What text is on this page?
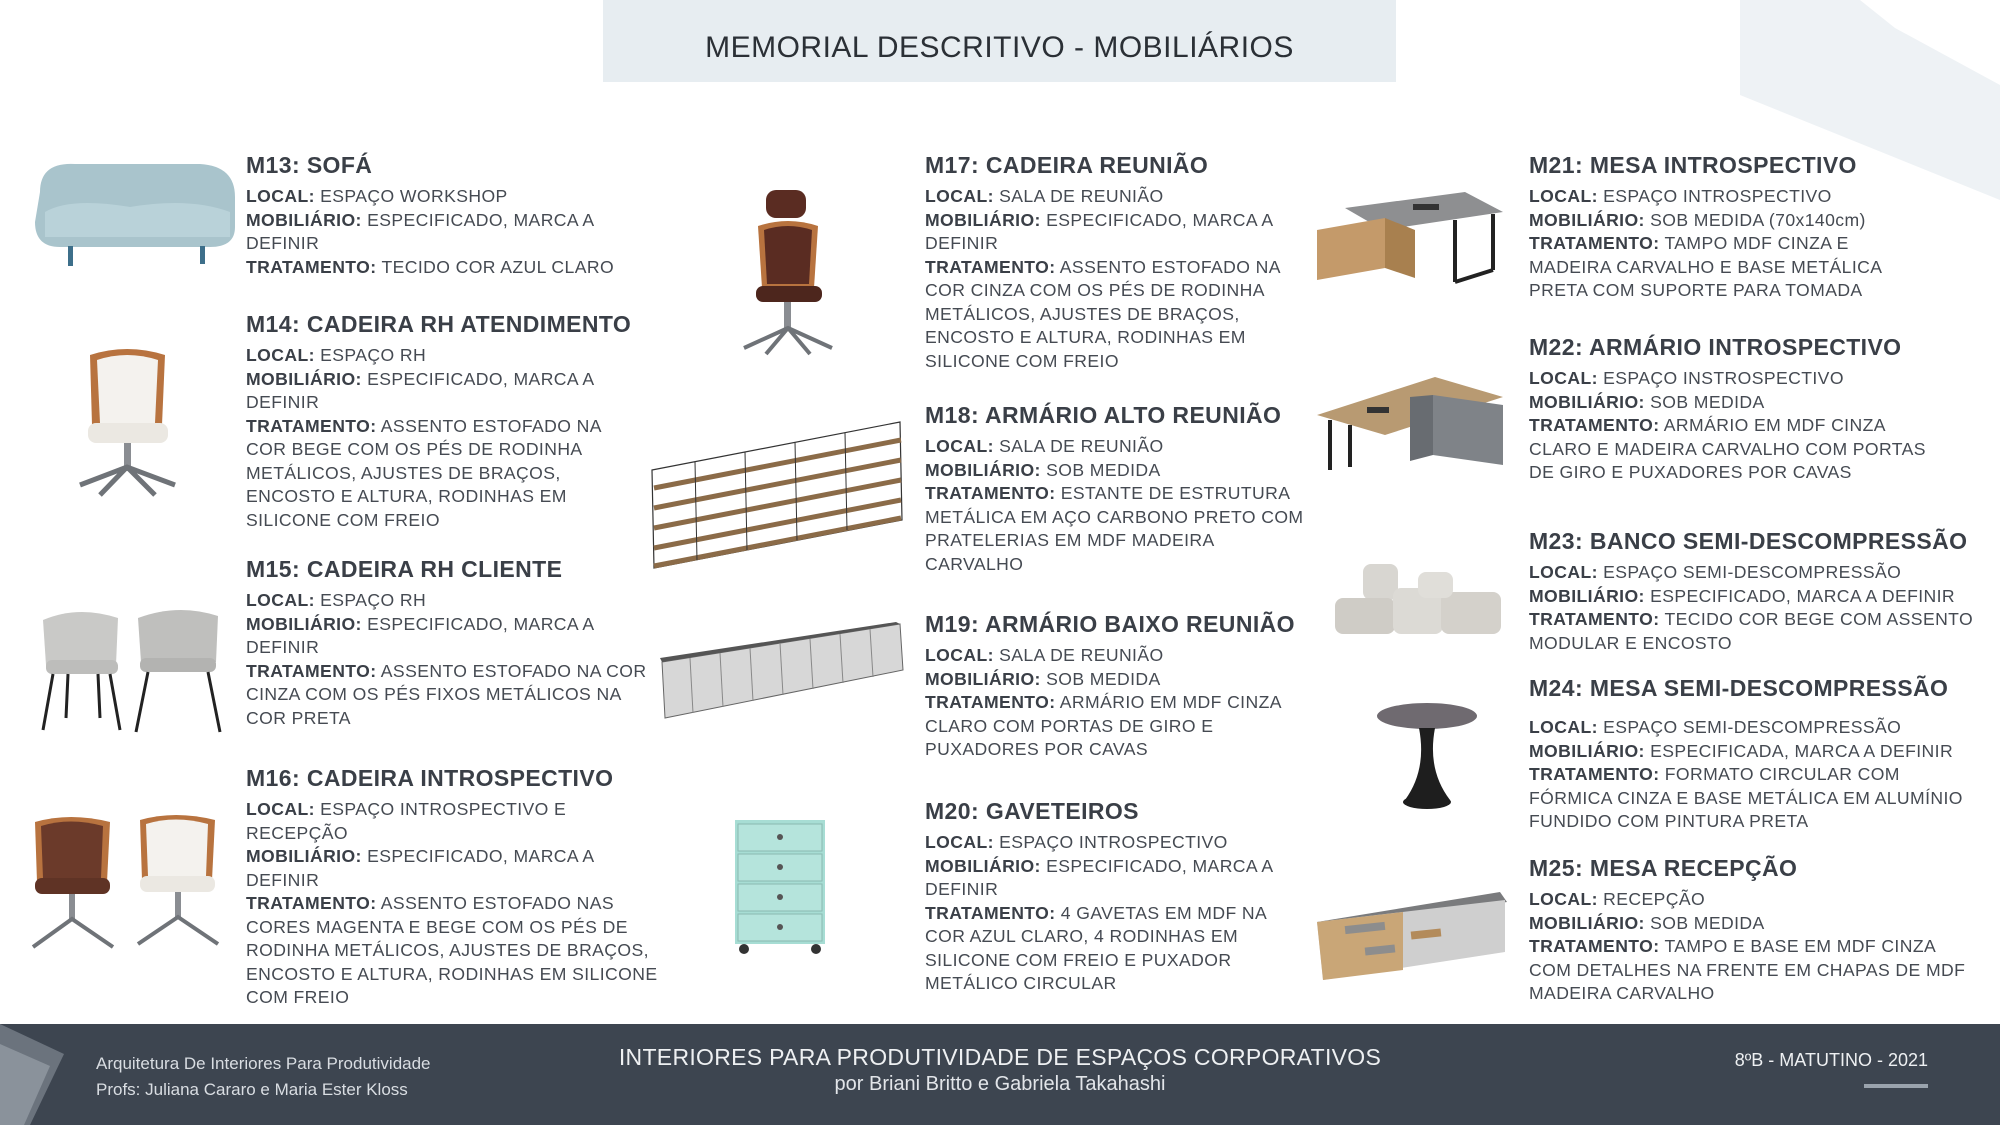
MEMORIAL DESCRITIVO - MOBILIÁRIOS
M13: SOFÁ

LOCAL: ESPAÇO WORKSHOP

MOBILIÁRIO: ESPECIFICADO, MARCA A DEFINIR

TRATAMENTO: TECIDO COR AZUL CLARO

M14: CADEIRA RH ATENDIMENTO

LOCAL: ESPAÇO RH

MOBILIÁRIO: ESPECIFICADO, MARCA A DEFINIR

TRATAMENTO: ASSENTO ESTOFADO NA COR BEGE COM OS PÉS DE RODINHA METÁLICOS, AJUSTES DE BRAÇOS, ENCOSTO E ALTURA, RODINHAS EM SILICONE COM FREIO

M15: CADEIRA RH CLIENTE

LOCAL: ESPAÇO RH

MOBILIÁRIO: ESPECIFICADO, MARCA A DEFINIR

TRATAMENTO: ASSENTO ESTOFADO NA COR CINZA COM OS PÉS FIXOS METÁLICOS NA COR PRETA

M16: CADEIRA INTROSPECTIVO

LOCAL: ESPAÇO INTROSPECTIVO E RECEPÇÃO

MOBILIÁRIO: ESPECIFICADO, MARCA A DEFINIR

TRATAMENTO: ASSENTO ESTOFADO NAS CORES MAGENTA E BEGE COM OS PÉS DE RODINHA METÁLICOS, AJUSTES DE BRAÇOS, ENCOSTO E ALTURA, RODINHAS EM SILICONE COM FREIO

M17: CADEIRA REUNIÃO

LOCAL: SALA DE REUNIÃO

MOBILIÁRIO: ESPECIFICADO, MARCA A DEFINIR

TRATAMENTO: ASSENTO ESTOFADO NA COR CINZA COM OS PÉS DE RODINHA METÁLICOS, AJUSTES DE BRAÇOS, ENCOSTO E ALTURA, RODINHAS EM SILICONE COM FREIO

M18: ARMÁRIO ALTO REUNIÃO

LOCAL: SALA DE REUNIÃO

MOBILIÁRIO: SOB MEDIDA

TRATAMENTO: ESTANTE DE ESTRUTURA METÁLICA EM AÇO CARBONO PRETO COM PRATELERIAS EM MDF MADEIRA CARVALHO

M19: ARMÁRIO BAIXO REUNIÃO

LOCAL: SALA DE REUNIÃO

MOBILIÁRIO: SOB MEDIDA

TRATAMENTO: ARMÁRIO EM MDF CINZA CLARO COM PORTAS DE GIRO E PUXADORES POR CAVAS

M20: GAVETEIROS

LOCAL: ESPAÇO INTROSPECTIVO

MOBILIÁRIO: ESPECIFICADO, MARCA A DEFINIR

TRATAMENTO: 4 GAVETAS EM MDF NA COR AZUL CLARO, 4 RODINHAS EM SILICONE COM FREIO E PUXADOR METÁLICO CIRCULAR

M21: MESA INTROSPECTIVO

LOCAL: ESPAÇO INTROSPECTIVO

MOBILIÁRIO: SOB MEDIDA (70x140cm)

TRATAMENTO: TAMPO MDF CINZA E MADEIRA CARVALHO E BASE METÁLICA PRETA COM SUPORTE PARA TOMADA

M22: ARMÁRIO INTROSPECTIVO

LOCAL: ESPAÇO INSTROSPECTIVO

MOBILIÁRIO: SOB MEDIDA

TRATAMENTO: ARMÁRIO EM MDF CINZA CLARO E MADEIRA CARVALHO COM PORTAS DE GIRO E PUXADORES POR CAVAS

M23: BANCO SEMI-DESCOMPRESSÃO

LOCAL: ESPAÇO SEMI-DESCOMPRESSÃO

MOBILIÁRIO: ESPECIFICADO, MARCA A DEFINIR

TRATAMENTO: TECIDO COR BEGE COM ASSENTO MODULAR E ENCOSTO

M24: MESA SEMI-DESCOMPRESSÃO

LOCAL: ESPAÇO SEMI-DESCOMPRESSÃO

MOBILIÁRIO: ESPECIFICADA, MARCA A DEFINIR

TRATAMENTO: FORMATO CIRCULAR COM FÓRMICA CINZA E BASE METÁLICA EM ALUMÍNIO FUNDIDO COM PINTURA PRETA

M25: MESA RECEPÇÃO

LOCAL: RECEPÇÃO

MOBILIÁRIO: SOB MEDIDA

TRATAMENTO: TAMPO E BASE EM MDF CINZA COM DETALHES NA FRENTE EM CHAPAS DE MDF MADEIRA CARVALHO

Arquitetura De Interiores Para Produtividade
Profs: Juliana Cararo e Maria Ester Kloss
INTERIORES PARA PRODUTIVIDADE DE ESPAÇOS CORPORATIVOS
por Briani Britto e Gabriela Takahashi
8ºB - MATUTINO - 2021
